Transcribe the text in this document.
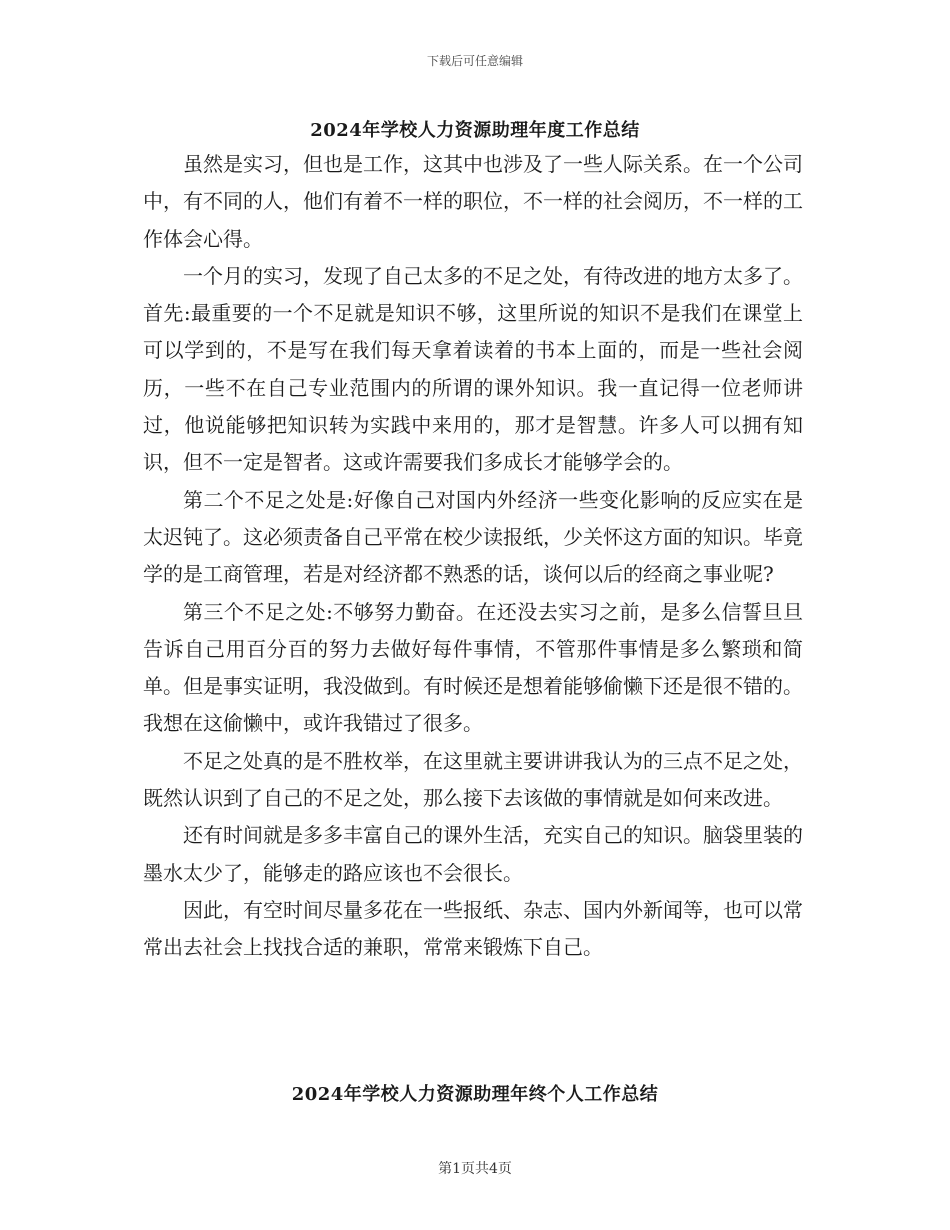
下载后可任意编辑
2024年学校人力资源助理年度工作总结

虽然是实习，但也是工作，这其中也涉及了一些人际关系。在一个公司中，有不同的人，他们有着不一样的职位，不一样的社会阅历，不一样的工作体会心得。

一个月的实习，发现了自己太多的不足之处，有待改进的地方太多了。首先:最重要的一个不足就是知识不够，这里所说的知识不是我们在课堂上可以学到的，不是写在我们每天拿着读着的书本上面的，而是一些社会阅历，一些不在自己专业范围内的所谓的课外知识。我一直记得一位老师讲过，他说能够把知识转为实践中来用的，那才是智慧。许多人可以拥有知识，但不一定是智者。这或许需要我们多成长才能够学会的。

第二个不足之处是:好像自己对国内外经济一些变化影响的反应实在是太迟钝了。这必须责备自己平常在校少读报纸，少关怀这方面的知识。毕竟学的是工商管理，若是对经济都不熟悉的话，谈何以后的经商之事业呢?

第三个不足之处:不够努力勤奋。在还没去实习之前，是多么信誓旦旦告诉自己用百分百的努力去做好每件事情，不管那件事情是多么繁琐和简单。但是事实证明，我没做到。有时候还是想着能够偷懒下还是很不错的。我想在这偷懒中，或许我错过了很多。

不足之处真的是不胜枚举，在这里就主要讲讲我认为的三点不足之处，既然认识到了自己的不足之处，那么接下去该做的事情就是如何来改进。

还有时间就是多多丰富自己的课外生活，充实自己的知识。脑袋里装的墨水太少了，能够走的路应该也不会很长。

因此，有空时间尽量多花在一些报纸、杂志、国内外新闻等，也可以常常出去社会上找找合适的兼职，常常来锻炼下自己。

2024年学校人力资源助理年终个人工作总结
第1页共4页
